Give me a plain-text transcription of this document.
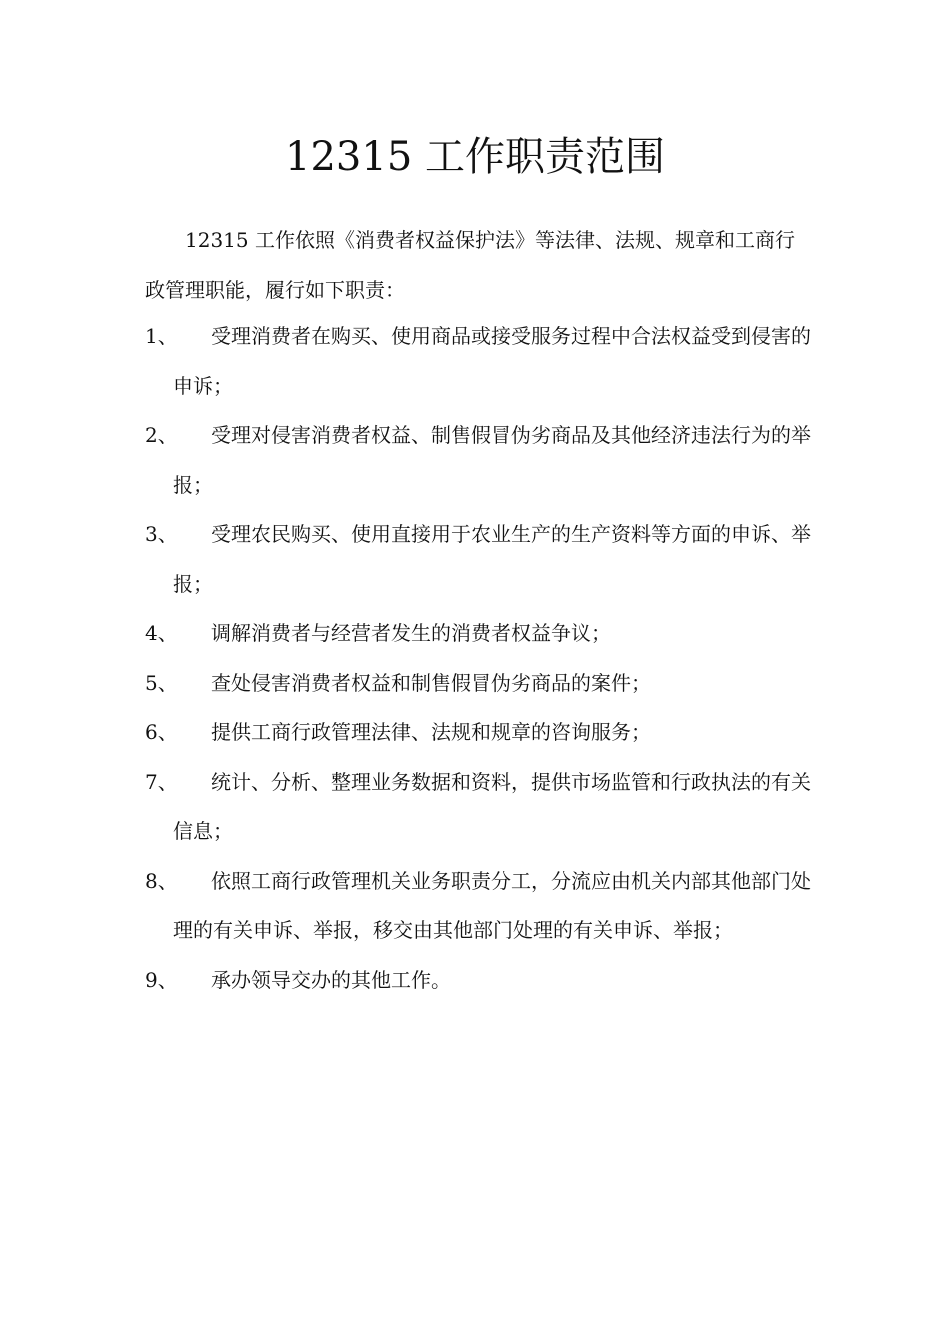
12315 工作职责范围

12315 工作依照《消费者权益保护法》等法律、法规、规章和工商行政管理职能，履行如下职责：

1、	受理消费者在购买、使用商品或接受服务过程中合法权益受到侵害的申诉；
2、	受理对侵害消费者权益、制售假冒伪劣商品及其他经济违法行为的举报；
3、	受理农民购买、使用直接用于农业生产的生产资料等方面的申诉、举报；
4、	调解消费者与经营者发生的消费者权益争议；
5、	查处侵害消费者权益和制售假冒伪劣商品的案件；
6、	提供工商行政管理法律、法规和规章的咨询服务；
7、	统计、分析、整理业务数据和资料，提供市场监管和行政执法的有关信息；
8、	依照工商行政管理机关业务职责分工，分流应由机关内部其他部门处理的有关申诉、举报，移交由其他部门处理的有关申诉、举报；
9、	承办领导交办的其他工作。
